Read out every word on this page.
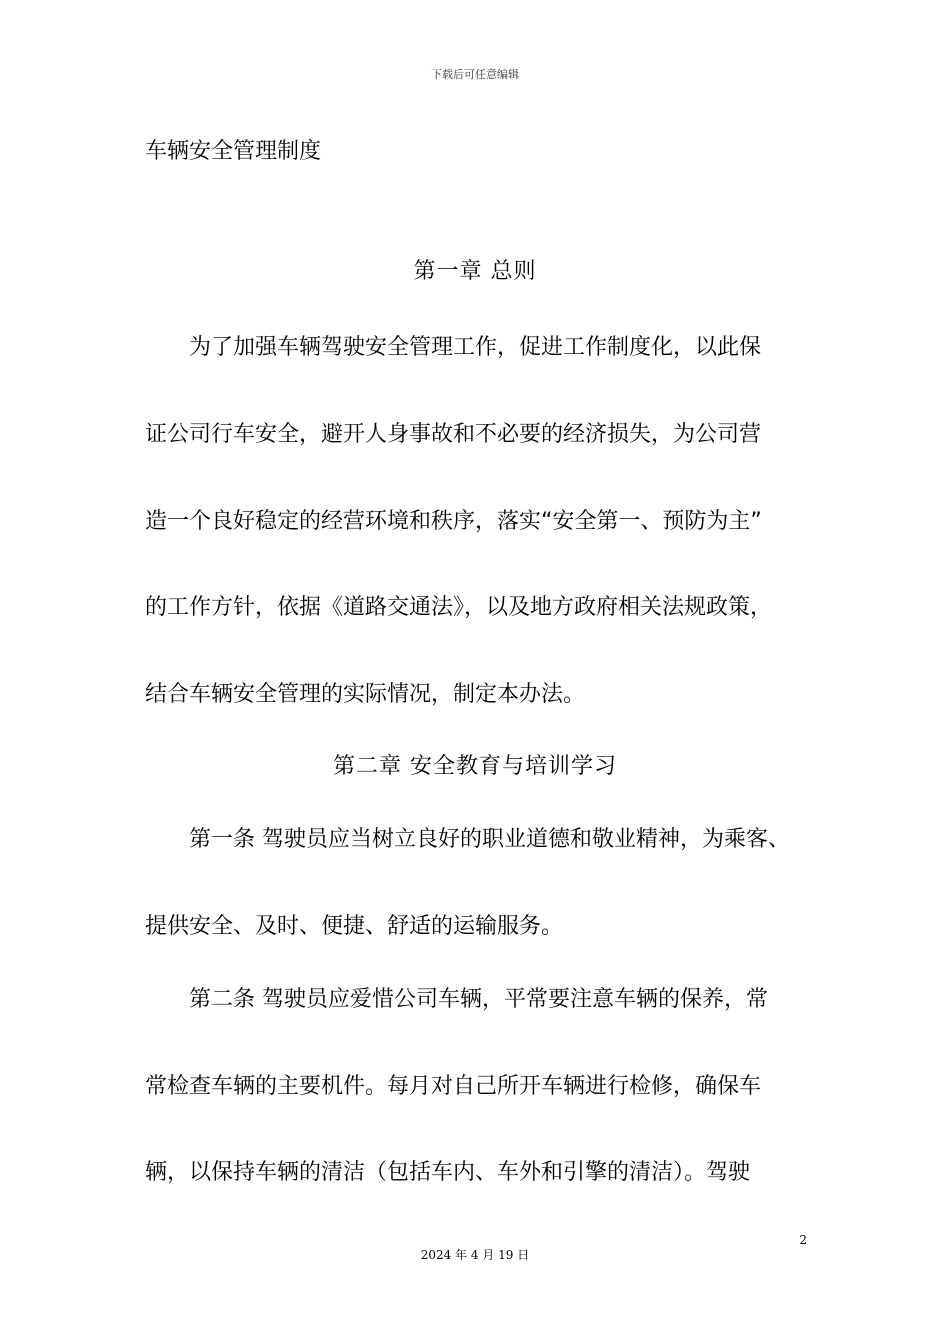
下载后可任意编辑
车辆安全管理制度
第一章 总则
为了加强车辆驾驶安全管理工作，促进工作制度化，以此保
证公司行车安全，避开人身事故和不必要的经济损失，为公司营
造一个良好稳定的经营环境和秩序，落实“安全第一、预防为主”
的工作方针，依据《道路交通法》，以及地方政府相关法规政策，
结合车辆安全管理的实际情况，制定本办法。
第二章 安全教育与培训学习
第一条 驾驶员应当树立良好的职业道德和敬业精神，为乘客、
提供安全、及时、便捷、舒适的运输服务。
第二条 驾驶员应爱惜公司车辆，平常要注意车辆的保养，常
常检查车辆的主要机件。每月对自己所开车辆进行检修，确保车
辆，以保持车辆的清洁（包括车内、车外和引擎的清洁）。驾驶
2
2024 年 4 月 19 日
